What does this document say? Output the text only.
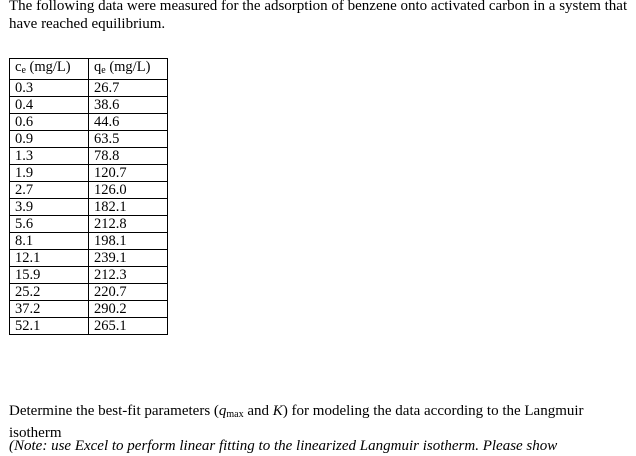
The following data were measured for the adsorption of benzene onto activated carbon in a system that have reached equilibrium.

$c_e$ (mg/L)	$q_e$ (mg/L)
0.3	26.7
0.4	38.6
0.6	44.6
0.9	63.5
1.3	78.8
1.9	120.7
2.7	126.0
3.9	182.1
5.6	212.8
8.1	198.1
12.1	239.1
15.9	212.3
25.2	220.7
37.2	290.2
52.1	265.1

Determine the best-fit parameters ($q_{max}$ and K) for modeling the data according to the Langmuir isotherm

(Note: use Excel to perform linear fitting to the linearized Langmuir isotherm. Please show
